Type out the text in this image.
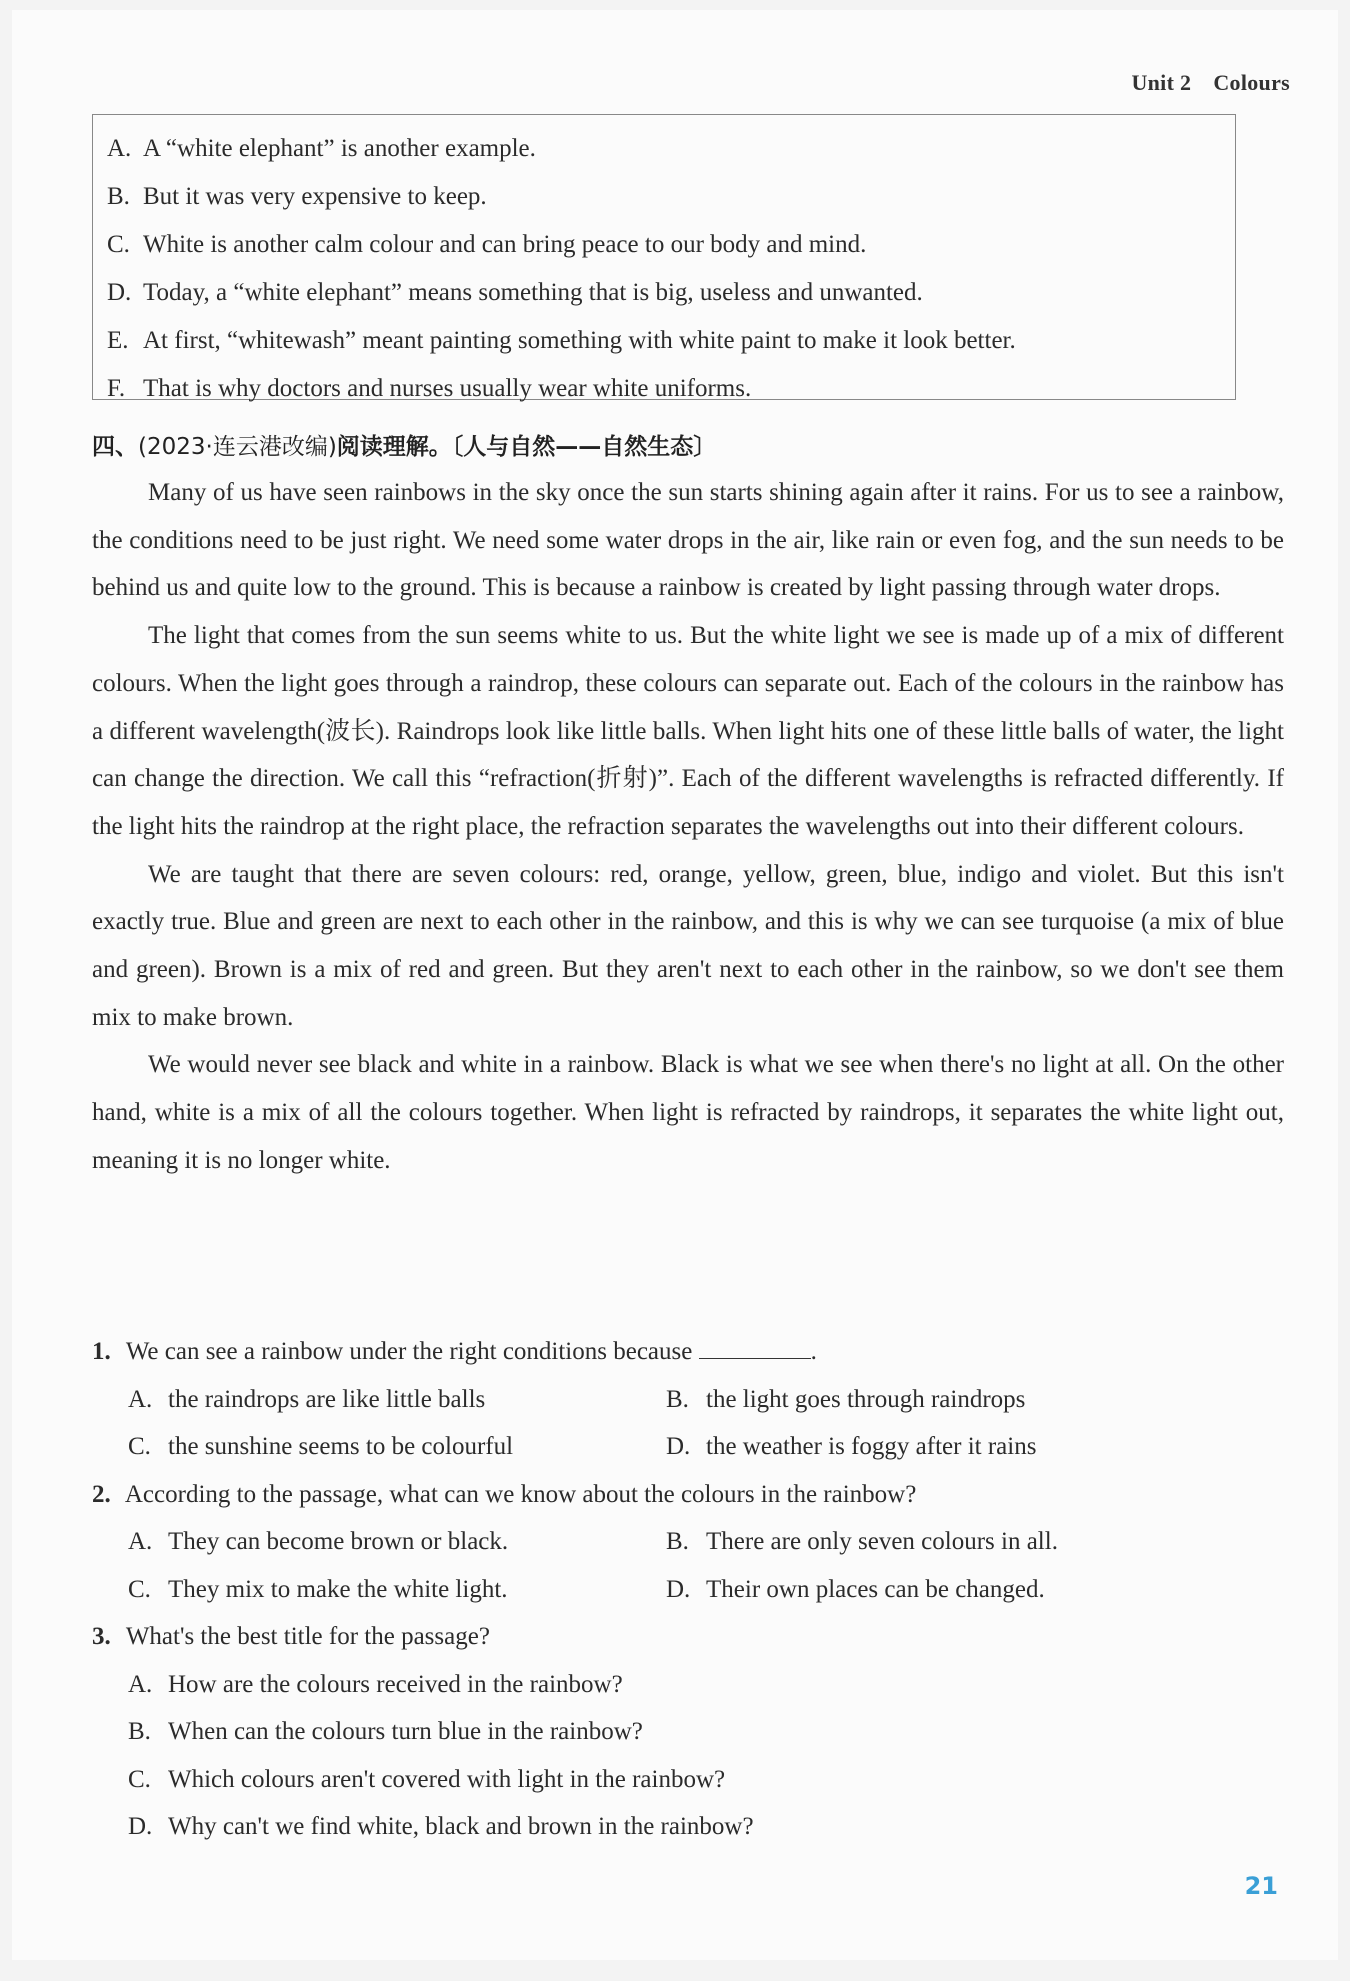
Unit 2 Colours
A. A “white elephant” is another example.
B. But it was very expensive to keep.
C. White is another calm colour and can bring peace to our body and mind.
D. Today, a “white elephant” means something that is big, useless and unwanted.
E. At first, “whitewash” meant painting something with white paint to make it look better.
F. That is why doctors and nurses usually wear white uniforms.
四、(2023·连云港改编)阅读理解。〔人与自然——自然生态〕

Many of us have seen rainbows in the sky once the sun starts shining again after it rains. For us to see a rainbow, the conditions need to be just right. We need some water drops in the air, like rain or even fog, and the sun needs to be behind us and quite low to the ground. This is because a rainbow is created by light passing through water drops.

The light that comes from the sun seems white to us. But the white light we see is made up of a mix of different colours. When the light goes through a raindrop, these colours can separate out. Each of the colours in the rainbow has a different wavelength(波长). Raindrops look like little balls. When light hits one of these little balls of water, the light can change the direction. We call this “refraction(折射)”. Each of the different wavelengths is refracted differently. If the light hits the raindrop at the right place, the refraction separates the wavelengths out into their different colours.

We are taught that there are seven colours: red, orange, yellow, green, blue, indigo and violet. But this isn't exactly true. Blue and green are next to each other in the rainbow, and this is why we can see turquoise (a mix of blue and green). Brown is a mix of red and green. But they aren't next to each other in the rainbow, so we don't see them mix to make brown.

We would never see black and white in a rainbow. Black is what we see when there's no light at all. On the other hand, white is a mix of all the colours together. When light is refracted by raindrops, it separates the white light out, meaning it is no longer white.

1. We can see a rainbow under the right conditions because	.
A. the raindrops are like little balls	B. the light goes through raindrops
C. the sunshine seems to be colourful	D. the weather is foggy after it rains
2. According to the passage, what can we know about the colours in the rainbow?
A. They can become brown or black.	B. There are only seven colours in all.
C. They mix to make the white light.	D. Their own places can be changed.
3. What's the best title for the passage?
A. How are the colours received in the rainbow?
B. When can the colours turn blue in the rainbow?
C. Which colours aren't covered with light in the rainbow?
D. Why can't we find white, black and brown in the rainbow?
21
